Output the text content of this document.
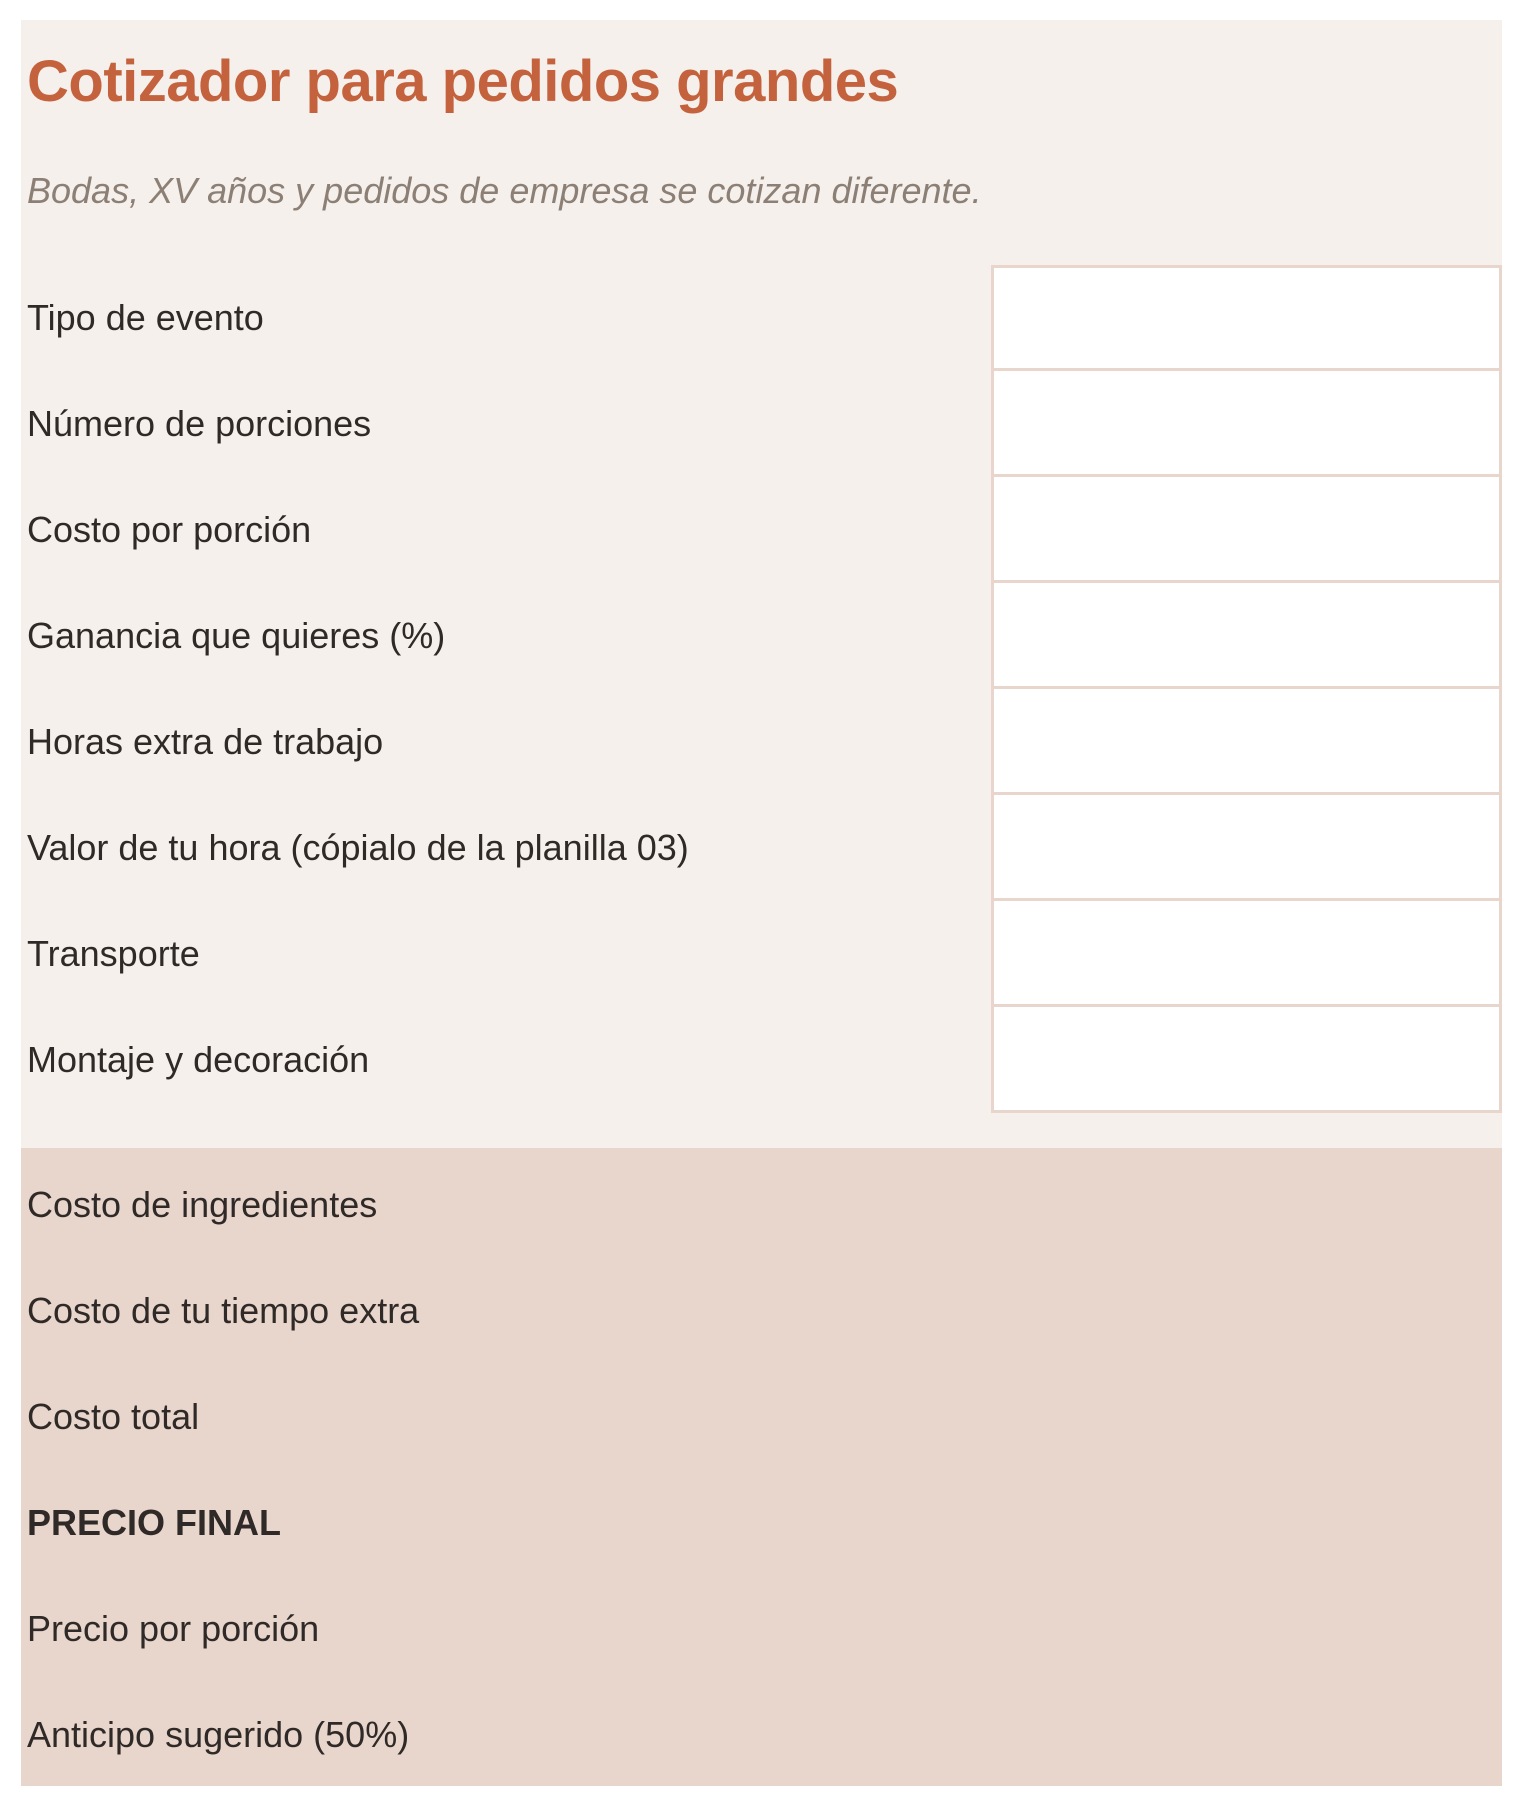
Cotizador para pedidos grandes

Bodas, XV años y pedidos de empresa se cotizan diferente.

Tipo de evento
Número de porciones
Costo por porción
Ganancia que quieres (%)
Horas extra de trabajo
Valor de tu hora (cópialo de la planilla 03)
Transporte
Montaje y decoración
Costo de ingredientes
Costo de tu tiempo extra
Costo total
PRECIO FINAL
Precio por porción
Anticipo sugerido (50%)
